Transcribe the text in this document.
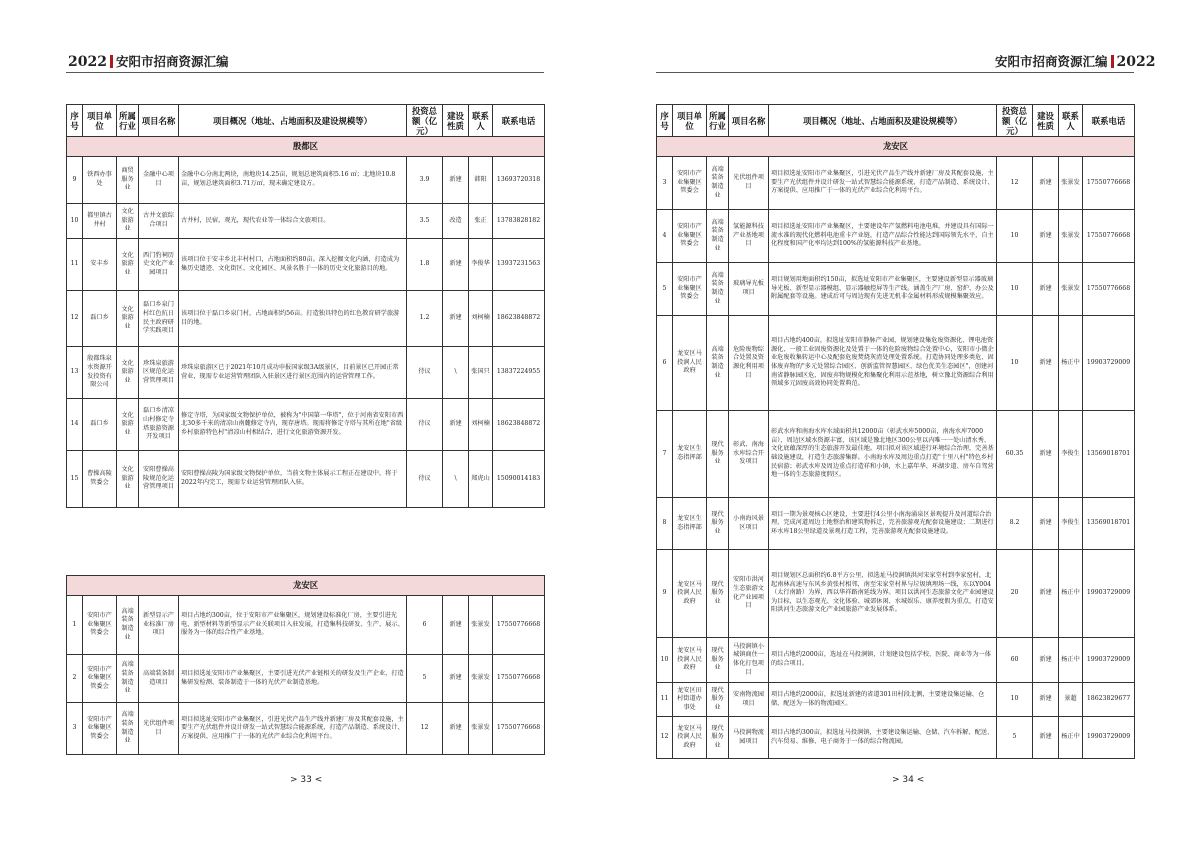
2022 安阳市招商资源汇编
序号	项目单位	所属行业	项目名称	项目概况（地址、占地面积及建设规模等）	投资总额（亿元）	建设性质	联系人	联系电话
殷都区								
9	铁西办事处	商贸服务业	金融中心项目	金融中心分南北两块，南地块14.25亩，规划总建筑面积5.16 ㎡；北地块10.8亩，规划总建筑面积3.71万㎡，现未确定建设方。	3.9	新建	韩阳	13693720318
10	都里镇古井村	文化旅游业	古井文旅综合项目	古井村，民宿，观光，现代农业等一体综合文旅项目。	3.5	改造	张正	13783828182
11	安丰乡	文化旅游业	西门豹祠历史文化产业园项目	该项目位于安丰乡北丰村村口，占地面积约80亩。深入挖掘文化内涵，打造成为集历史遗迹、文化街区、文化园区、风景名胜于一体的历史文化旅游目的地。	1.8	新建	李俊华	13937231563
12	磊口乡	文化旅游业	磊口乡泉门村红色抗日民主政府研学实践项目	该项目位于磊口乡泉门村，占地面积约56亩。打造独具特色的红色教育研学旅游目的地。	1.2	新建	刘柯楠	18623848872
13	殷都珠泉水资源开发投资有限公司	文化旅游业	珍珠泉旅游区规范化运营管理项目	珍珠泉旅游区已于2021年10月成功申报国家级3A级景区，目前景区已开园正常营业，现需专业运营管理团队入驻景区进行景区范围内的运营管理工作。	待议	\	张国只	13837224955
14	磊口乡	文化旅游业	磊口乡清凉山村修定寺塔旅游资源开发项目	修定寺塔，为国家级文物保护单位，被称为"中国第一华塔"，位于河南省安阳市西北30多千米的清凉山南麓修定寺内，现存唐塔。现需将修定寺塔与其所在地"省级乡村旅游特色村"清凉山村相结合，进行文化旅游资源开发。	待议	新建	刘柯楠	18623848872
15	曹操高陵管委会	文化旅游业	安阳曹操高陵规范化运营管理项目	安阳曹操高陵为国家级文物保护单位，当前文物主体展示工程正在建设中，将于2022年内完工，现需专业运营管理团队入驻。	待议	\	郑虎山	15090014183
龙安区								
1	安阳市产业集聚区管委会	高端装备制造业	新型显示产业标准厂房项目	项目占地约300亩，位于安阳市产业集聚区，规划建设标准化厂房，主要引进光电、新型材料等新型显示产业关联项目入驻发展，打造集科技研发、生产、展示、服务为一体的综合性产业基地。	6	新建	张景发	17550776668
2	安阳市产业集聚区管委会	高端装备制造业	高端装备制造项目	项目拟选址安阳市产业集聚区，主要引进光伏产业链相关的研发及生产企业，打造集研发检测、装备制造于一体的光伏产业制造基地。	5	新建	张景发	17550776668
3	安阳市产业集聚区管委会	高端装备制造业	光伏组件项目	项目拟选址安阳市产业集聚区，引进光伏产品生产线并新建厂房及其配套设施，主要生产光伏组件并设计研发一站式智慧综合能源系统，打造产品制造、系统设计、方案提供、应用推广于一体的光伏产业综合化利用平台。	12	新建	张景发	17550776668
> 33 <
安阳市招商资源汇编 2022
序号	项目单位	所属行业	项目名称	项目概况（地址、占地面积及建设规模等）	投资总额（亿元）	建设性质	联系人	联系电话
龙安区								
3	安阳市产业集聚区管委会	高端装备制造业	光伏组件项目	项目拟选址安阳市产业集聚区，引进光伏产品生产线并新建厂房及其配套设施，主要生产光伏组件并设计研发一站式智慧综合能源系统，打造产品制造、系统设计、方案提供、应用推广于一体的光伏产业综合化利用平台。	12	新建	张景发	17550776668
4	安阳市产业集聚区管委会	高端装备制造业	氢能源科技产业基地项目	项目拟选址安阳市产业集聚区，主要建设年产氢燃料电池电堆，并建设具有国际一流水准的现代化燃料电池重卡产业链，打造产品综合性能达到国际领先水平，自主化程度和国产化率均达到100%的氢能源科技产业基地。	10	新建	张景发	17550776668
5	安阳市产业集聚区管委会	高端装备制造业	玻璃导光板项目	项目规划用地面积约150亩，拟选址安阳市产业集聚区，主要建设新型显示器玻璃导光板、新型显示器模组、显示器触控屏等生产线。涵盖生产厂房、窑炉、办公及附属配套等设施。建成后可与周边现有先进无机非金属材料形成规模集聚效应。	10	新建	张景发	17550776668
6	龙安区马投涧人民政府	高端装备制造业	危险废物综合处置及资源化利用项目	项目占地约400亩，拟选址安阳市静脉产业园，规划建设集危废资源化、锂电池资源化、一般工业固废资源化及处置于一体的危险废物综合处置中心，安阳市小微企业危废收集转运中心及配套危废焚烧灰渣处理处置系统。打造协同处理多类危、固体废弃物的"多元处置综合园区、创新监管智慧园区、绿色优美生态园区"，创建河南省静脉园区危、固废弃物规模化和集聚化利用示范基地，树立豫北资源综合利用领域多元固废高效协同处置典范。	10	新建	杨正中	19903729009
7	龙安区生态指挥部	现代服务业	彰武、南海水库综合开发项目	彰武水库和南海水库水域面积共12000亩（彰武水库5000亩，南海水库7000亩），周边区域水资源丰富，该区域是豫北地区300公里以内唯一一处山清水秀、文化底蕴深厚的生态旅游开发最佳地。项目拟对该区域进行环境综合治理，完善基础设施建设，打造生态旅游集群。小南海水库及周边重点打造"十里八村"特色乡村民宿游；彰武水库及周边重点打造祥和小镇，水上嘉年华、环湖步道、房车自驾营地一体的生态旅游度假区。	60.35	新建	李俊生	13569018701
8	龙安区生态指挥部	现代服务业	小南海风景区项目	项目一期为景观核心区建设，主要进行4公里小南海涌泉区景观提升及河道综合治理，完成河道周边土地整治和建筑物拆迁，完善旅游观光配套设施建设；二期进行环水库18公里绿道及景观打造工程，完善旅游观光配套设施建设。	8.2	新建	李俊生	13569018701
9	龙安区马投涧人民政府	现代服务业	安阳市洪河生态旅游文化产业园项目	项目规划区总面积约6.8平方公里，拟选址马投涧镇洪河宋家堂村到李家窑村，北起南林高速与东风乡黄张村相邻，南至宋家堂村界与垃圾填埋场一线，东以Y004（太行南路）为界，西以华祥路南延线为界。项目以洪河生态旅游文化产业园建设为目标，以生态观光、文化体验、城郊休闲、水城娱乐、康养度假为重点，打造安阳洪河生态旅游文化产业园旅游产业发展体系。	20	新建	杨正中	19903729009
10	龙安区马投涧人民政府	现代服务业	马投涧镇小城镇商住一体化打包项目	项目占地约2000亩，选址在马投涧镇，计划建设包括学校、医院、商业等为一体的综合项目。	60	新建	杨正中	19903729009
11	龙安区田村街道办事处	现代服务业	安南物流园项目	项目占地约2000亩，拟选址新建的省道301田村段北侧，主要建设集运输、仓储、配送为一体的物流园区。	10	新建	景超	18623829677
12	龙安区马投涧人民政府	现代服务业	马投涧物流园项目	项目占地约300亩，拟选址马投涧镇，主要建设集运输、仓储、汽车拆解、配送、汽车贸易、维修、电子商务于一体的综合物流园。	5	新建	杨正中	19903729009
> 34 <
